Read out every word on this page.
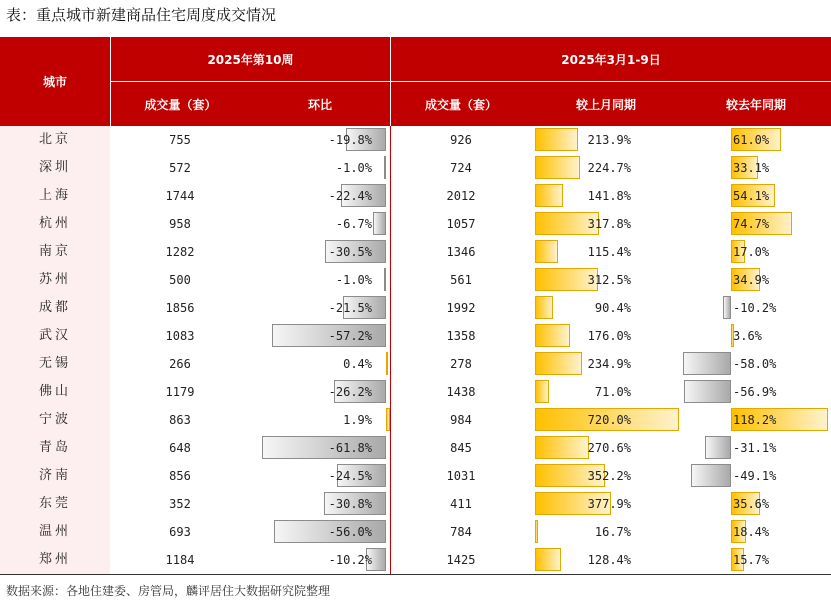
表：重点城市新建商品住宅周度成交情况
城市
2025年第10周	2025年3月1-9日
成交量（套）	环比	成交量（套）	较上月同期	较去年同期
北京	755	-19.8%	926	213.9%	61.0%
深圳	572	-1.0%	724	224.7%	33.1%
上海	1744	-22.4%	2012	141.8%	54.1%
杭州	958	-6.7%	1057	317.8%	74.7%
南京	1282	-30.5%	1346	115.4%	17.0%
苏州	500	-1.0%	561	312.5%	34.9%
成都	1856	-21.5%	1992	90.4%	-10.2%
武汉	1083	-57.2%	1358	176.0%	3.6%
无锡	266	0.4%	278	234.9%	-58.0%
佛山	1179	-26.2%	1438	71.0%	-56.9%
宁波	863	1.9%	984	720.0%	118.2%
青岛	648	-61.8%	845	270.6%	-31.1%
济南	856	-24.5%	1031	352.2%	-49.1%
东莞	352	-30.8%	411	377.9%	35.6%
温州	693	-56.0%	784	16.7%	18.4%
郑州	1184	-10.2%	1425	128.4%	15.7%
数据来源：各地住建委、房管局，麟评居住大数据研究院整理
